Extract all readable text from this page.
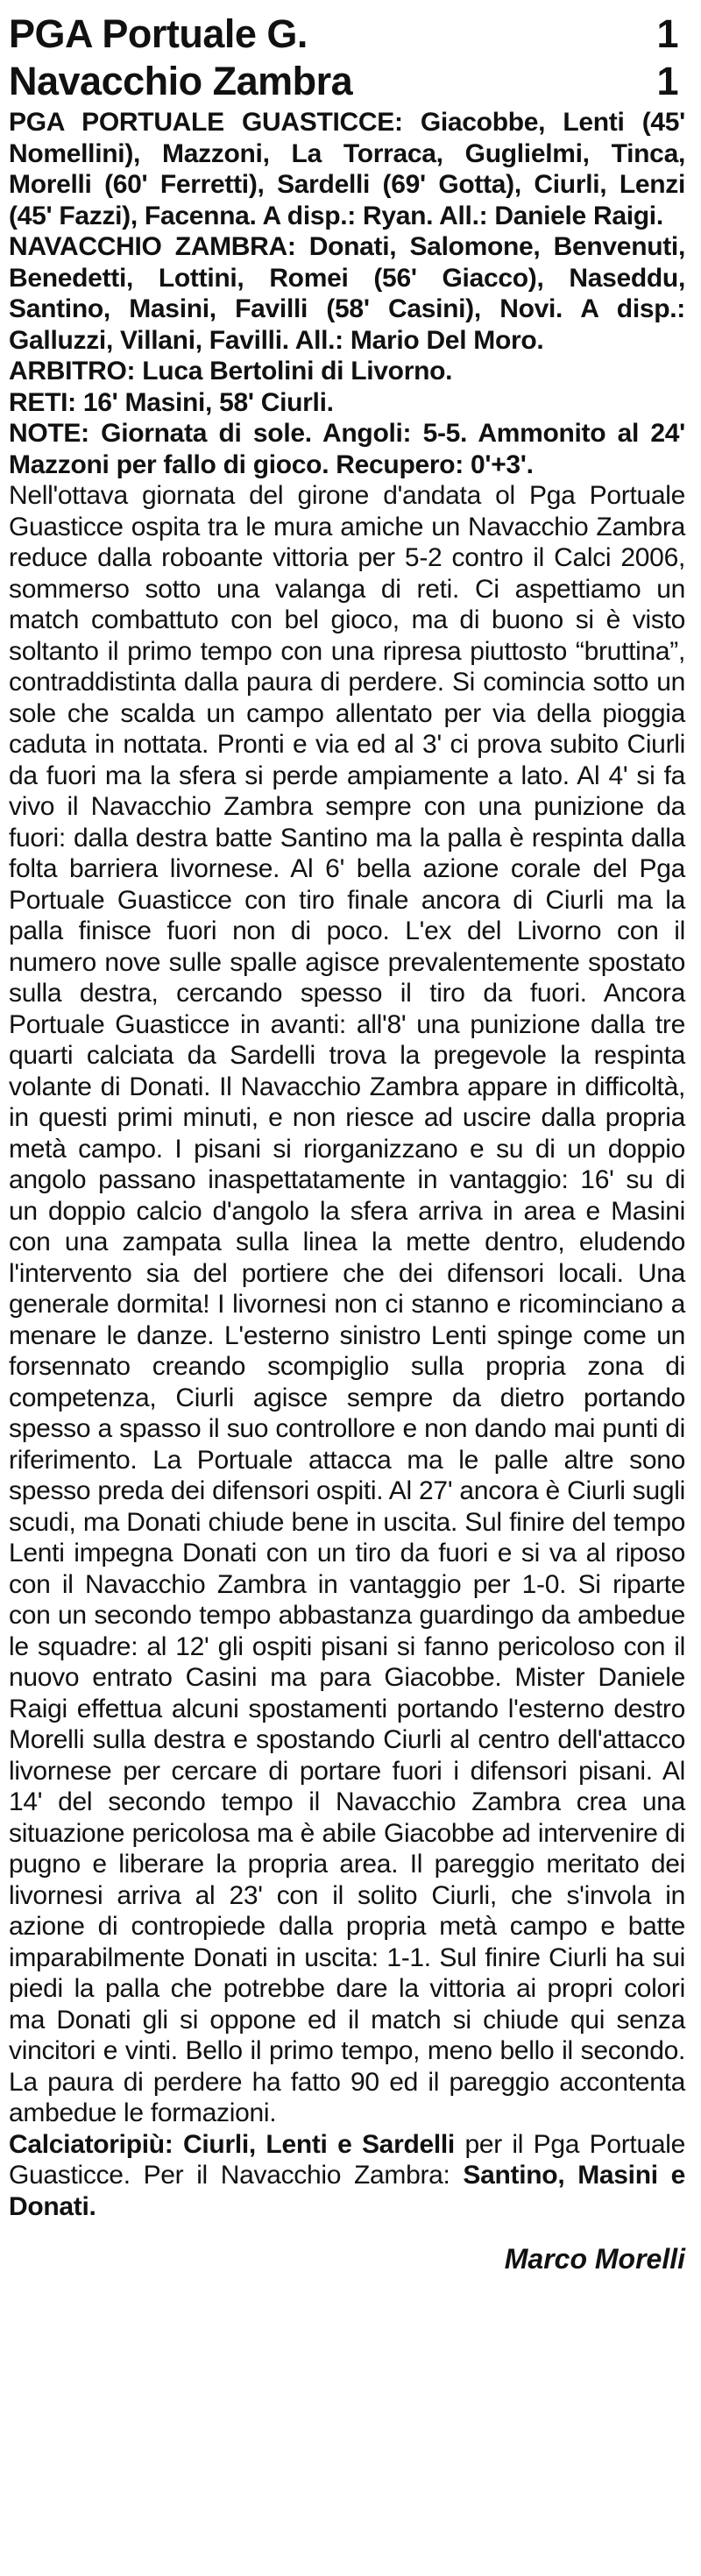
PGA Portuale G.	1
Navacchio Zambra	1

PGA PORTUALE GUASTICCE: Giacobbe, Lenti (45' Nomellini), Mazzoni, La Torraca, Guglielmi, Tinca, Morelli (60' Ferretti), Sardelli (69' Gotta), Ciurli, Lenzi (45' Fazzi), Facenna. A disp.: Ryan. All.: Daniele Raigi.

NAVACCHIO ZAMBRA: Donati, Salomone, Benvenuti, Benedetti, Lottini, Romei (56' Giacco), Naseddu, Santino, Masini, Favilli (58' Casini), Novi. A disp.: Galluzzi, Villani, Favilli. All.: Mario Del Moro.

ARBITRO: Luca Bertolini di Livorno.

RETI: 16' Masini, 58' Ciurli.

NOTE: Giornata di sole. Angoli: 5-5. Ammonito al 24' Mazzoni per fallo di gioco. Recupero: 0'+3'.

Nell'ottava giornata del girone d'andata ol Pga Portuale Guasticce ospita tra le mura amiche un Navacchio Zambra reduce dalla roboante vittoria per 5-2 contro il Calci 2006, sommerso sotto una valanga di reti. Ci aspettiamo un match combattuto con bel gioco, ma di buono si è visto soltanto il primo tempo con una ripresa piuttosto “bruttina”, contraddistinta dalla paura di perdere. Si comincia sotto un sole che scalda un campo allentato per via della pioggia caduta in nottata. Pronti e via ed al 3' ci prova subito Ciurli da fuori ma la sfera si perde ampiamente a lato. Al 4' si fa vivo il Navacchio Zambra sempre con una punizione da fuori: dalla destra batte Santino ma la palla è respinta dalla folta barriera livornese. Al 6' bella azione corale del Pga Portuale Guasticce con tiro finale ancora di Ciurli ma la palla finisce fuori non di poco. L'ex del Livorno con il numero nove sulle spalle agisce prevalentemente spostato sulla destra, cercando spesso il tiro da fuori. Ancora Portuale Guasticce in avanti: all'8' una punizione dalla tre quarti calciata da Sardelli trova la pregevole la respinta volante di Donati. Il Navacchio Zambra appare in difficoltà, in questi primi minuti, e non riesce ad uscire dalla propria metà campo. I pisani si riorganizzano e su di un doppio angolo passano inaspettatamente in vantaggio: 16' su di un doppio calcio d'angolo la sfera arriva in area e Masini con una zampata sulla linea la mette dentro, eludendo l'intervento sia del portiere che dei difensori locali. Una generale dormita! I livornesi non ci stanno e ricominciano a menare le danze. L'esterno sinistro Lenti spinge come un forsennato creando scompiglio sulla propria zona di competenza, Ciurli agisce sempre da dietro portando spesso a spasso il suo controllore e non dando mai punti di riferimento. La Portuale attacca ma le palle altre sono spesso preda dei difensori ospiti. Al 27' ancora è Ciurli sugli scudi, ma Donati chiude bene in uscita. Sul finire del tempo Lenti impegna Donati con un tiro da fuori e si va al riposo con il Navacchio Zambra in vantaggio per 1-0. Si riparte con un secondo tempo abbastanza guardingo da ambedue le squadre: al 12' gli ospiti pisani si fanno pericoloso con il nuovo entrato Casini ma para Giacobbe. Mister Daniele Raigi effettua alcuni spostamenti portando l'esterno destro Morelli sulla destra e spostando Ciurli al centro dell'attacco livornese per cercare di portare fuori i difensori pisani. Al 14' del secondo tempo il Navacchio Zambra crea una situazione pericolosa ma è abile Giacobbe ad intervenire di pugno e liberare la propria area. Il pareggio meritato dei livornesi arriva al 23' con il solito Ciurli, che s'invola in azione di contropiede dalla propria metà campo e batte imparabilmente Donati in uscita: 1-1. Sul finire Ciurli ha sui piedi la palla che potrebbe dare la vittoria ai propri colori ma Donati gli si oppone ed il match si chiude qui senza vincitori e vinti. Bello il primo tempo, meno bello il secondo. La paura di perdere ha fatto 90 ed il pareggio accontenta ambedue le formazioni.

Calciatoripiù: Ciurli, Lenti e Sardelli per il Pga Portuale Guasticce. Per il Navacchio Zambra: Santino, Masini e Donati.

Marco Morelli
